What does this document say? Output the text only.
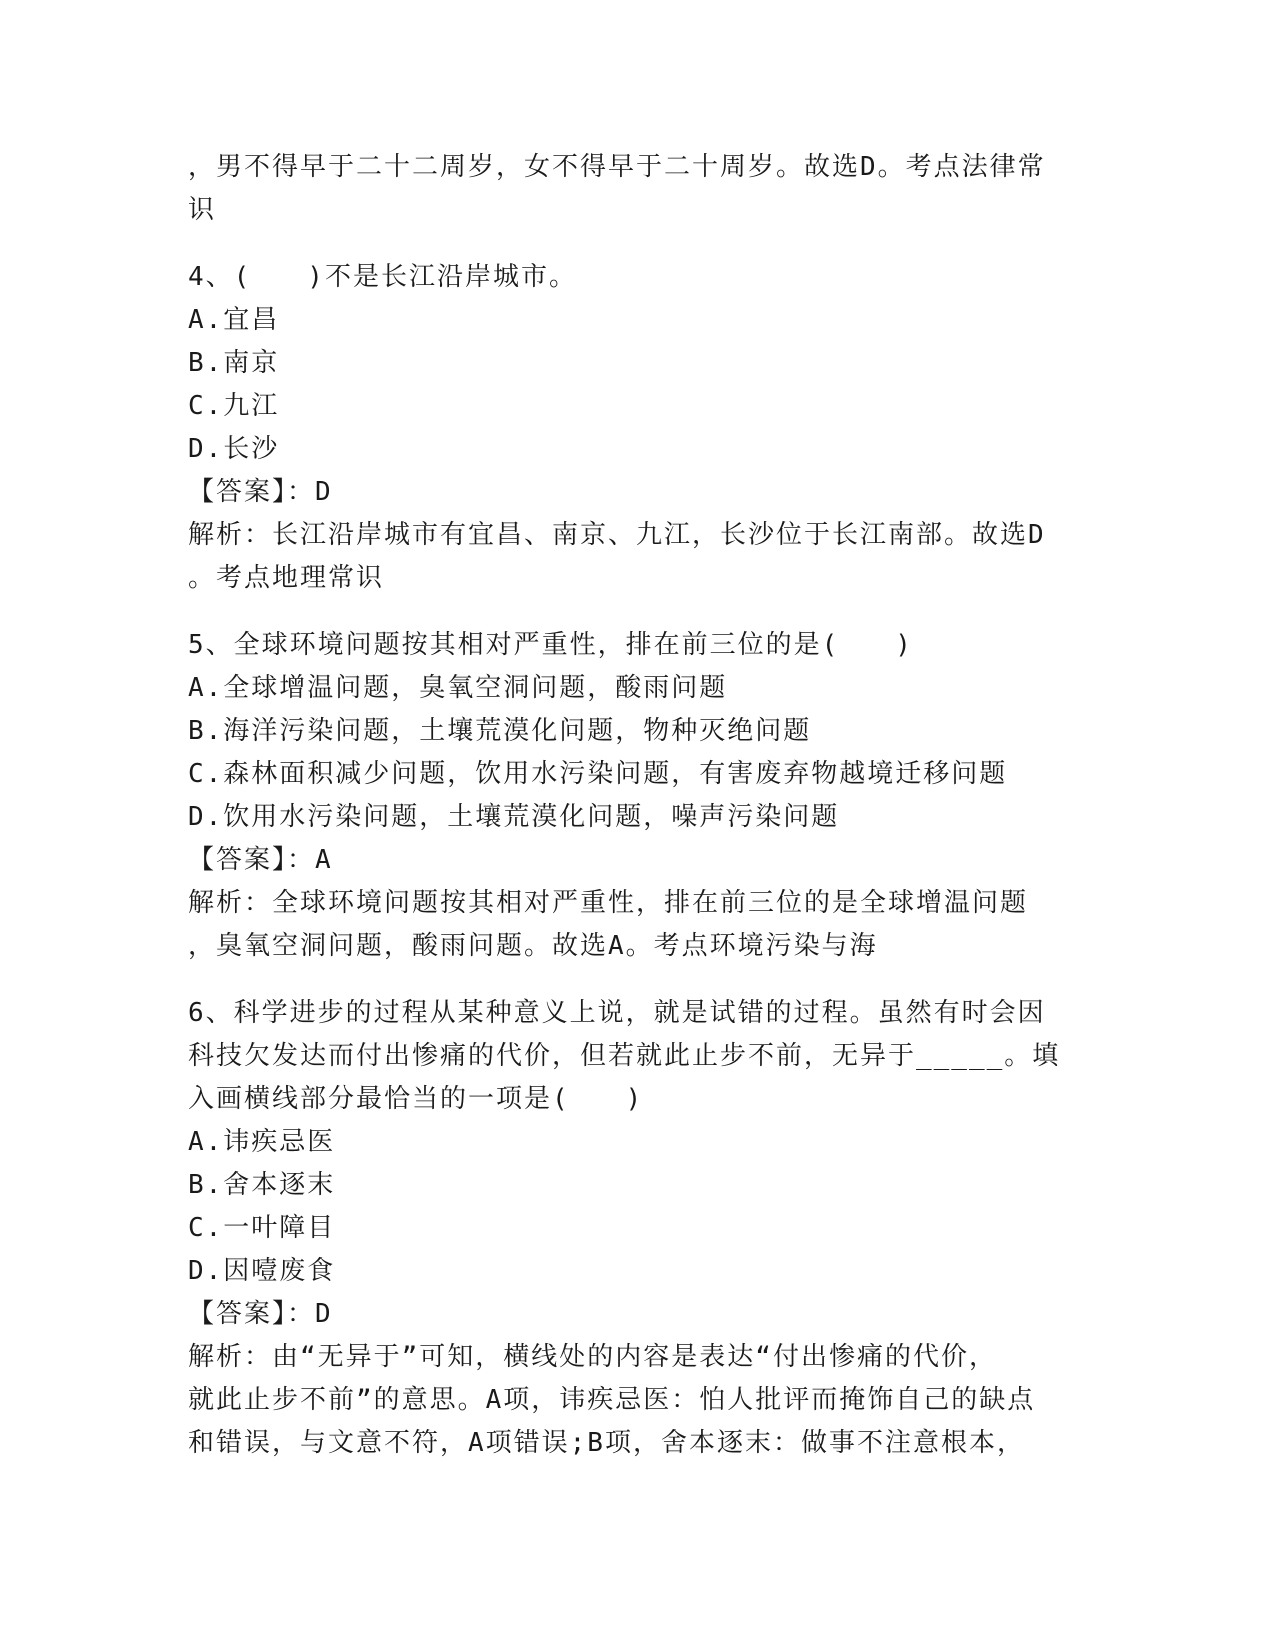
，男不得早于二十二周岁，女不得早于二十周岁。故选D。考点法律常
识
4、(　　)不是长江沿岸城市。
A.宜昌
B.南京
C.九江
D.长沙
【答案】：D
解析：长江沿岸城市有宜昌、南京、九江，长沙位于长江南部。故选D
。考点地理常识
5、全球环境问题按其相对严重性，排在前三位的是(　　)
A.全球增温问题，臭氧空洞问题，酸雨问题
B.海洋污染问题，土壤荒漠化问题，物种灭绝问题
C.森林面积减少问题，饮用水污染问题，有害废弃物越境迁移问题
D.饮用水污染问题，土壤荒漠化问题，噪声污染问题
【答案】：A
解析：全球环境问题按其相对严重性，排在前三位的是全球增温问题
，臭氧空洞问题，酸雨问题。故选A。考点环境污染与海
6、科学进步的过程从某种意义上说，就是试错的过程。虽然有时会因
科技欠发达而付出惨痛的代价，但若就此止步不前，无异于_____。填
入画横线部分最恰当的一项是(　　)
A.讳疾忌医
B.舍本逐末
C.一叶障目
D.因噎废食
【答案】：D
解析：由“无异于”可知，横线处的内容是表达“付出惨痛的代价，
就此止步不前”的意思。A项，讳疾忌医：怕人批评而掩饰自己的缺点
和错误，与文意不符，A项错误;B项，舍本逐末：做事不注意根本，
